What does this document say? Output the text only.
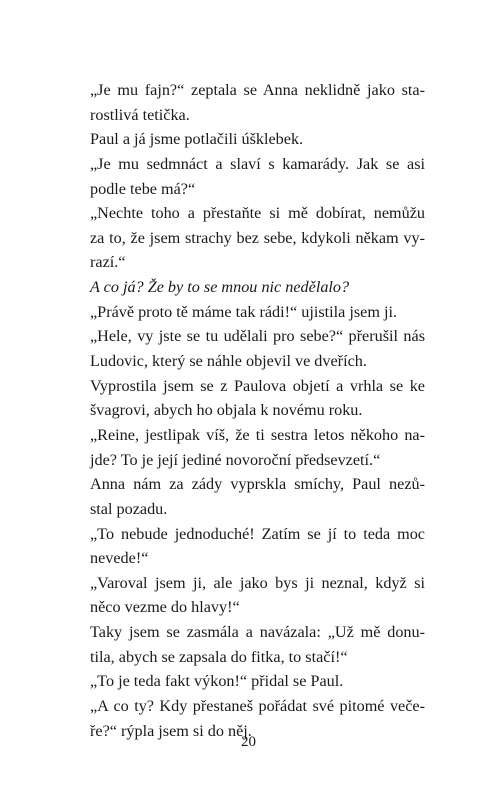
„Je mu fajn?“ zeptala se Anna neklidně jako sta-
rostlivá tetička.
Paul a já jsme potlačili úšklebek.
„Je mu sedmnáct a slaví s kamarády. Jak se asi
podle tebe má?“
„Nechte toho a přestaňte si mě dobírat, nemůžu
za to, že jsem strachy bez sebe, kdykoli někam vy-
razí.“
A co já? Že by to se mnou nic nedělalo?
„Právě proto tě máme tak rádi!“ ujistila jsem ji.
„Hele, vy jste se tu udělali pro sebe?“ přerušil nás
Ludovic, který se náhle objevil ve dveřích.
Vyprostila jsem se z Paulova objetí a vrhla se ke
švagrovi, abych ho objala k novému roku.
„Reine, jestlipak víš, že ti sestra letos někoho na-
jde? To je její jediné novoroční předsevzetí.“
Anna nám za zády vyprskla smíchy, Paul nezů-
stal pozadu.
„To nebude jednoduché! Zatím se jí to teda moc
nevede!“
„Varoval jsem ji, ale jako bys ji neznal, když si
něco vezme do hlavy!“
Taky jsem se zasmála a navázala: „Už mě donu-
tila, abych se zapsala do fitka, to stačí!“
„To je teda fakt výkon!“ přidal se Paul.
„A co ty? Kdy přestaneš pořádat své pitomé veče-
ře?“ rýpla jsem si do něj.
20
